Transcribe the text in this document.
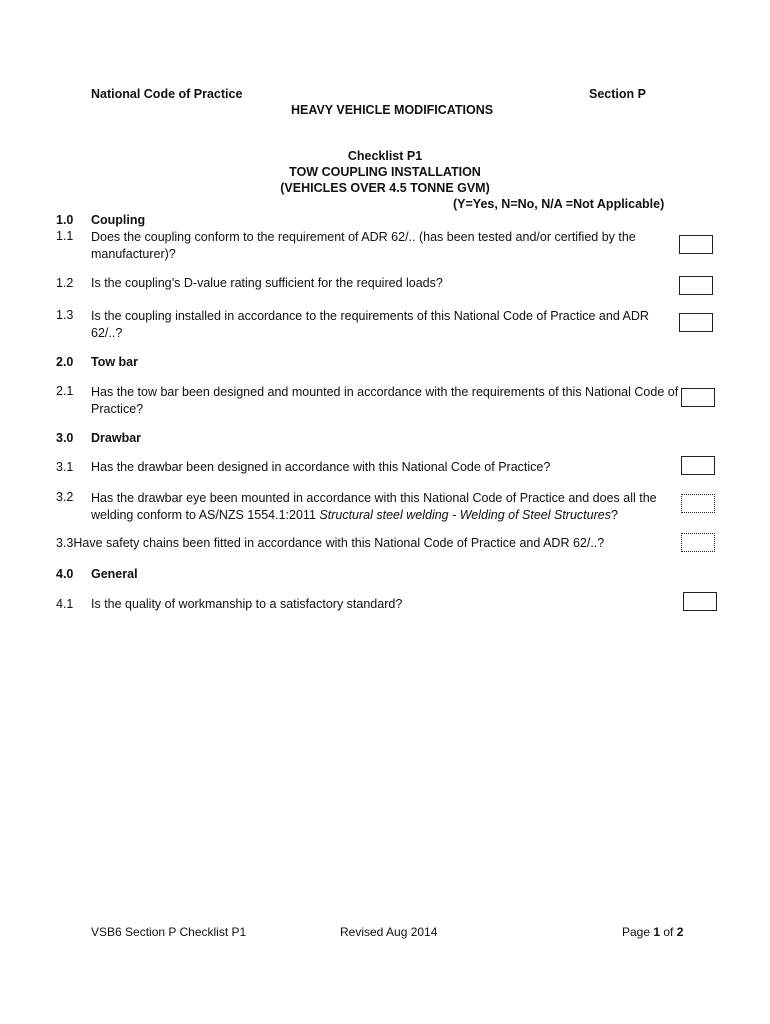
National Code of Practice	Section P
HEAVY VEHICLE MODIFICATIONS
Checklist P1
TOW COUPLING INSTALLATION
(VEHICLES OVER 4.5 TONNE GVM)
(Y=Yes, N=No, N/A =Not Applicable)
1.0 Coupling
1.1 Does the coupling conform to the requirement of ADR 62/.. (has been tested and/or certified by the manufacturer)?
1.2 Is the coupling’s D-value rating sufficient for the required loads?
1.3 Is the coupling installed in accordance to the requirements of this National Code of Practice and ADR 62/..?
2.0 Tow bar
2.1 Has the tow bar been designed and mounted in accordance with the requirements of this National Code of Practice?
3.0 Drawbar
3.1 Has the drawbar been designed in accordance with this National Code of Practice?
3.2 Has the drawbar eye been mounted in accordance with this National Code of Practice and does all the welding conform to AS/NZS 1554.1:2011 Structural steel welding - Welding of Steel Structures?
3.3Have safety chains been fitted in accordance with this National Code of Practice and ADR 62/..?
4.0 General
4.1 Is the quality of workmanship to a satisfactory standard?
VSB6 Section P Checklist P1	Revised Aug 2014	Page 1 of 2
